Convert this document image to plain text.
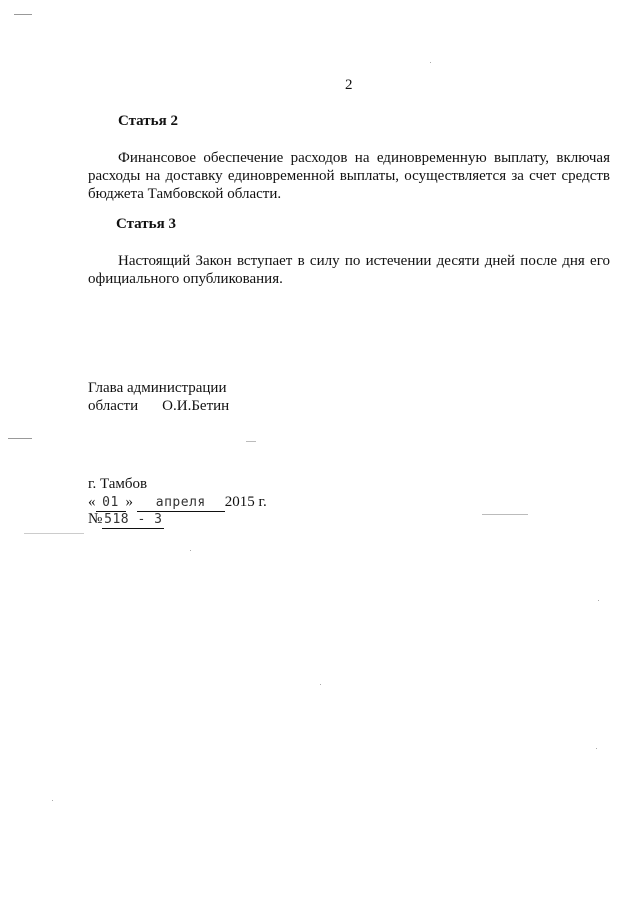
2
Статья 2
Финансовое обеспечение расходов на единовременную выплату, включая расходы на доставку единовременной выплаты, осуществляется за счет средств бюджета Тамбовской области.
Статья 3
Настоящий Закон вступает в силу по истечении десяти дней после дня его официального опубликования.
Глава администрации
области О.И.Бетин
г. Тамбов
« 01 » апреля 2015 г.
№ 518 - 3
